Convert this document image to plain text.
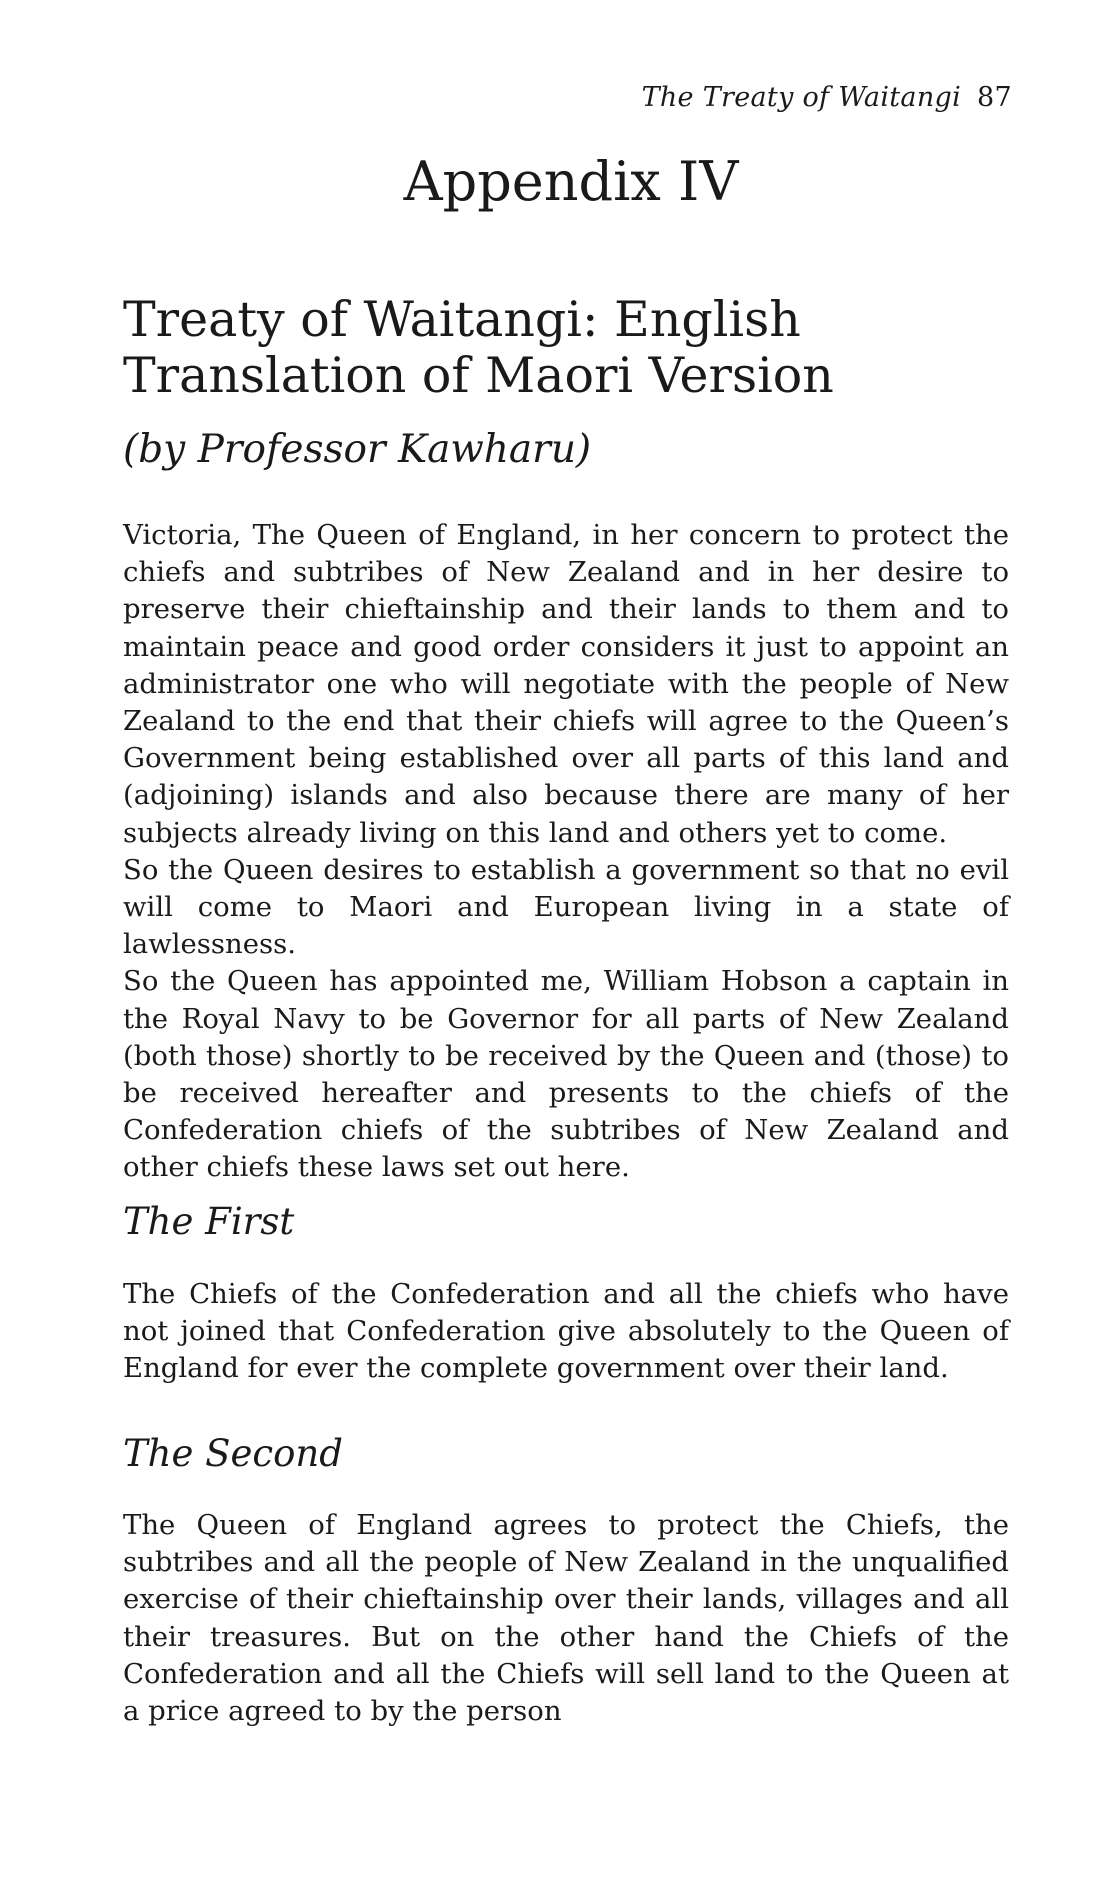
The Treaty of Waitangi 87
Appendix IV
Treaty of Waitangi: English Translation of Maori Version
(by Professor Kawharu)

Victoria, The Queen of England, in her concern to protect the chiefs and subtribes of New Zealand and in her desire to preserve their chieftainship and their lands to them and to maintain peace and good order considers it just to appoint an administrator one who will negotiate with the people of New Zealand to the end that their chiefs will agree to the Queen’s Government being established over all parts of this land and (adjoining) islands and also because there are many of her subjects already living on this land and others yet to come.

So the Queen desires to establish a government so that no evil will come to Maori and European living in a state of lawlessness.

So the Queen has appointed me, William Hobson a captain in the Royal Navy to be Governor for all parts of New Zealand (both those) shortly to be received by the Queen and (those) to be received hereafter and presents to the chiefs of the Confederation chiefs of the subtribes of New Zealand and other chiefs these laws set out here.

The First

The Chiefs of the Confederation and all the chiefs who have not joined that Confederation give absolutely to the Queen of England for ever the complete government over their land.

The Second

The Queen of England agrees to protect the Chiefs, the subtribes and all the people of New Zealand in the unqualified exercise of their chieftainship over their lands, villages and all their treasures. But on the other hand the Chiefs of the Confederation and all the Chiefs will sell land to the Queen at a price agreed to by the person
